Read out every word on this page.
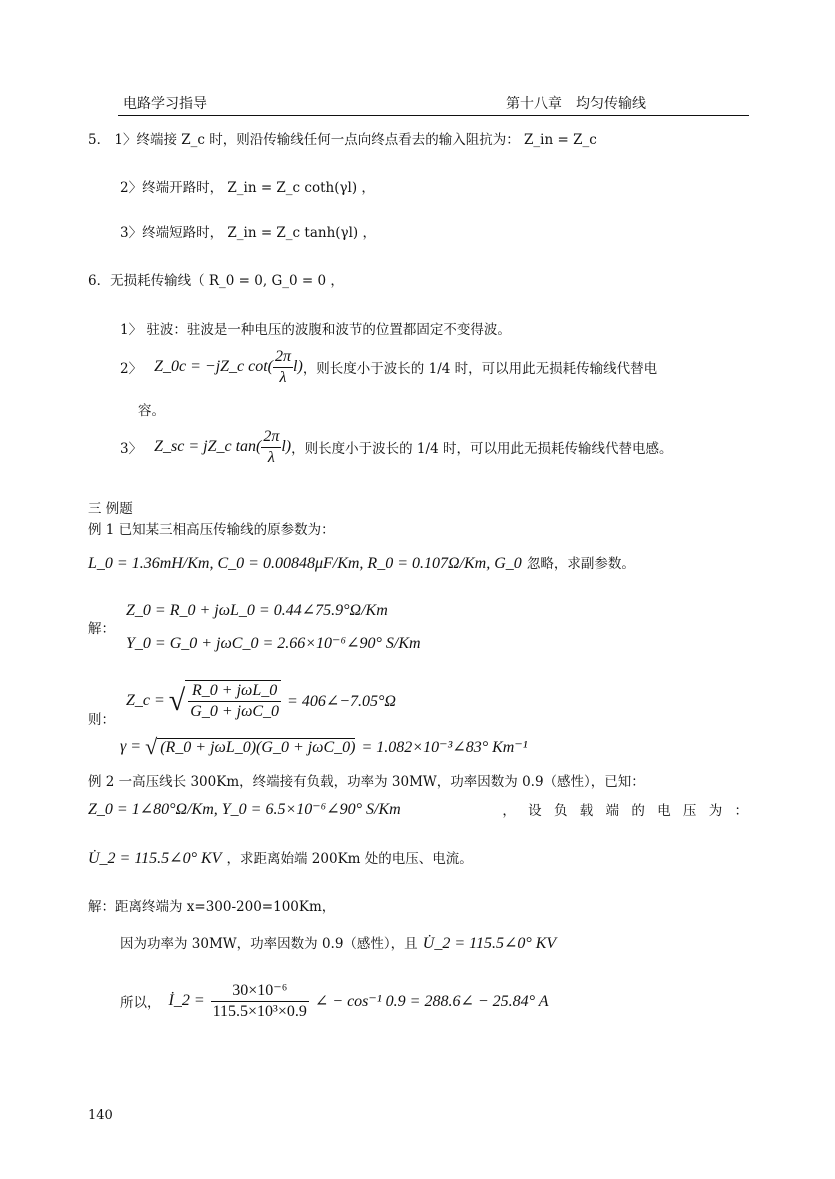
电路学习指导	第十八章　均匀传输线
5． 1〉终端接 Z_c 时，则沿传输线任何一点向终点看去的输入阻抗为： Z_in = Z_c
2〉终端开路时， Z_in = Z_c coth(γl) ，
3〉终端短路时， Z_in = Z_c tanh(γl) ，
6．无损耗传输线（ R_0 = 0, G_0 = 0 ，
1〉 驻波：驻波是一种电压的波腹和波节的位置都固定不变得波。
2〉 Z_0c = −jZ_c $\cot( \frac{2\pi}{\lambda} l)$ ，则长度小于波长的 1/4 时，可以用此无损耗传输线代替电
容。
3〉 Z_sc = jZ_c $\tan( \frac{2\pi}{\lambda} l)$ ，则长度小于波长的 1/4 时，可以用此无损耗传输线代替电感。
三 例题
例 1 已知某三相高压传输线的原参数为：
L_0 = 1.36mH/Km, C_0 = 0.00848μF/Km, R_0 = 0.107Ω/Km, G_0 忽略，求副参数。
解：
Z_0 = R_0 + jωL_0 = 0.44∠75.9°Ω/Km
Y_0 = G_0 + jωC_0 = 2.66×10⁻⁶∠90° S/Km
则：
Z_c = √ $\frac{\text{R\_0 + jωL\_0}}{\text{G\_0 + jωC\_0}}$ = 406∠−7.05°Ω
γ = √ (R_0 + jωL_0)(G_0 + jωC_0) = 1.082×10⁻³∠83° Km⁻¹
例 2 一高压线长 300Km，终端接有负载，功率为 30MW，功率因数为 0.9（感性），已知：
Z_0 = 1∠80°Ω/Km, Y_0 = 6.5×10⁻⁶∠90° S/Km	， 设 负 载 端 的 电 压 为 ：
U̇_2 = 115.5∠0° KV ，求距离始端 200Km 处的电压、电流。
解：距离终端为 x=300-200=100Km，
因为功率为 30MW，功率因数为 0.9（感性），且 U̇_2 = 115.5∠0° KV
所以， İ_2 = $\frac{\text{30×10⁻⁶}}{\text{115.5×10³×0.9}}$ ∠ − cos⁻¹ 0.9 = 288.6∠ − 25.84° A
140
